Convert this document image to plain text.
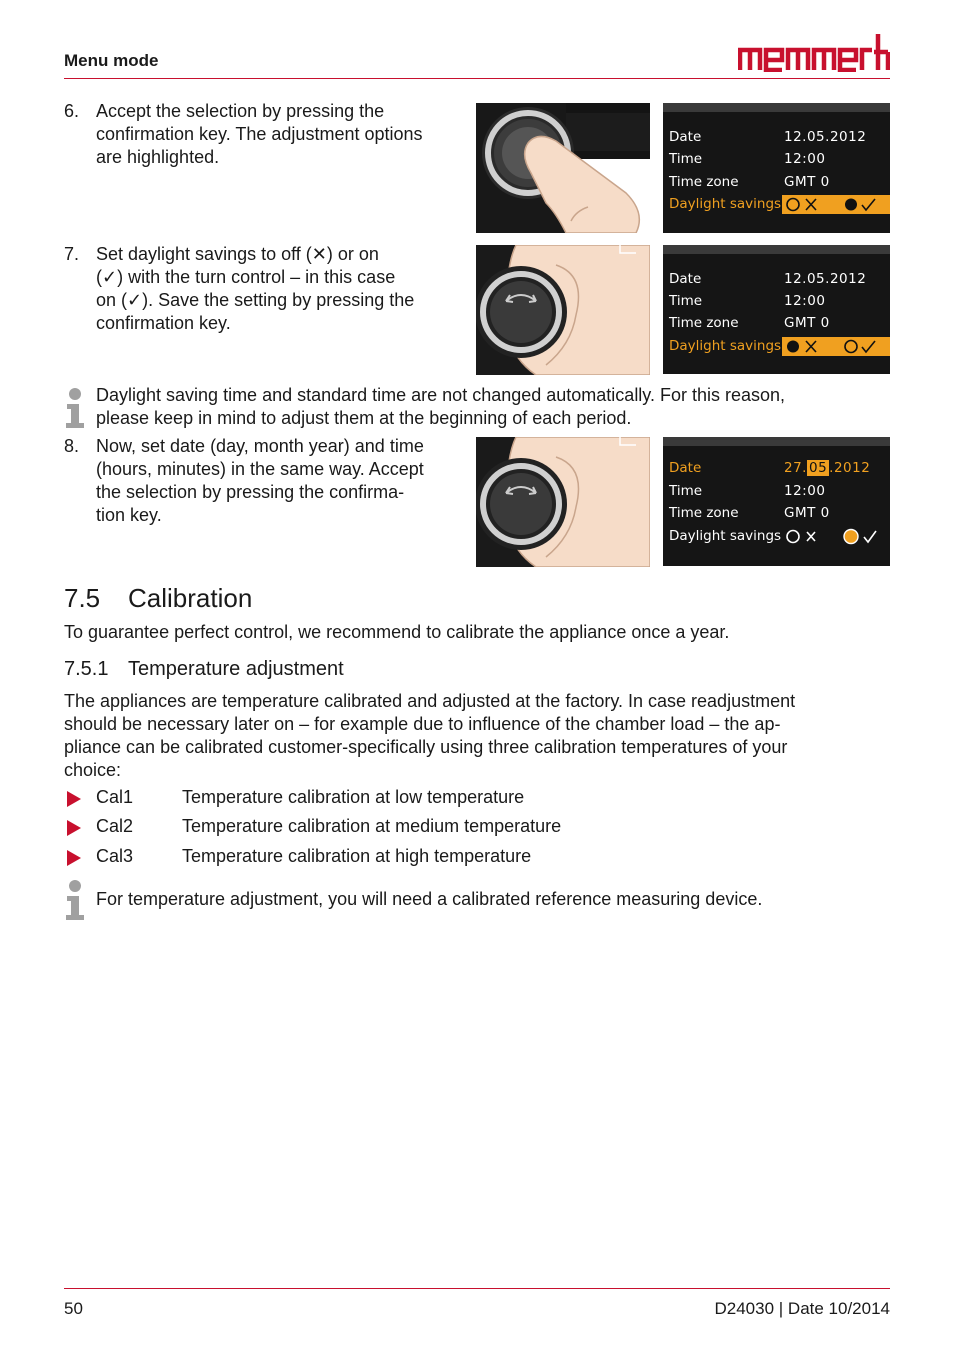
Menu mode
6. Accept the selection by pressing the
confirmation key. The adjustment options
are highlighted.
Date	12.05.2012
Time	12:00
Time zone	GMT 0
Daylight savings
7. Set daylight savings to off (✕) or on
(✓) with the turn control – in this case
on (✓). Save the setting by pressing the
confirmation key.
Date	12.05.2012
Time	12:00
Time zone	GMT 0
Daylight savings
Daylight saving time and standard time are not changed automatically. For this reason,
please keep in mind to adjust them at the beginning of each period.
8. Now, set date (day, month year) and time
(hours, minutes) in the same way. Accept
the selection by pressing the confirma-
tion key.
Date	27. 05 .2012
Time	12:00
Time zone	GMT 0
Daylight savings
7.5 Calibration
To guarantee perfect control, we recommend to calibrate the appliance once a year.
7.5.1 Temperature adjustment
The appliances are temperature calibrated and adjusted at the factory. In case readjustment
should be necessary later on – for example due to influence of the chamber load – the ap-
pliance can be calibrated customer-specifically using three calibration temperatures of your
choice:
Cal1	Temperature calibration at low temperature
Cal2	Temperature calibration at medium temperature
Cal3	Temperature calibration at high temperature
For temperature adjustment, you will need a calibrated reference measuring device.
50	D24030 | Date 10/2014
